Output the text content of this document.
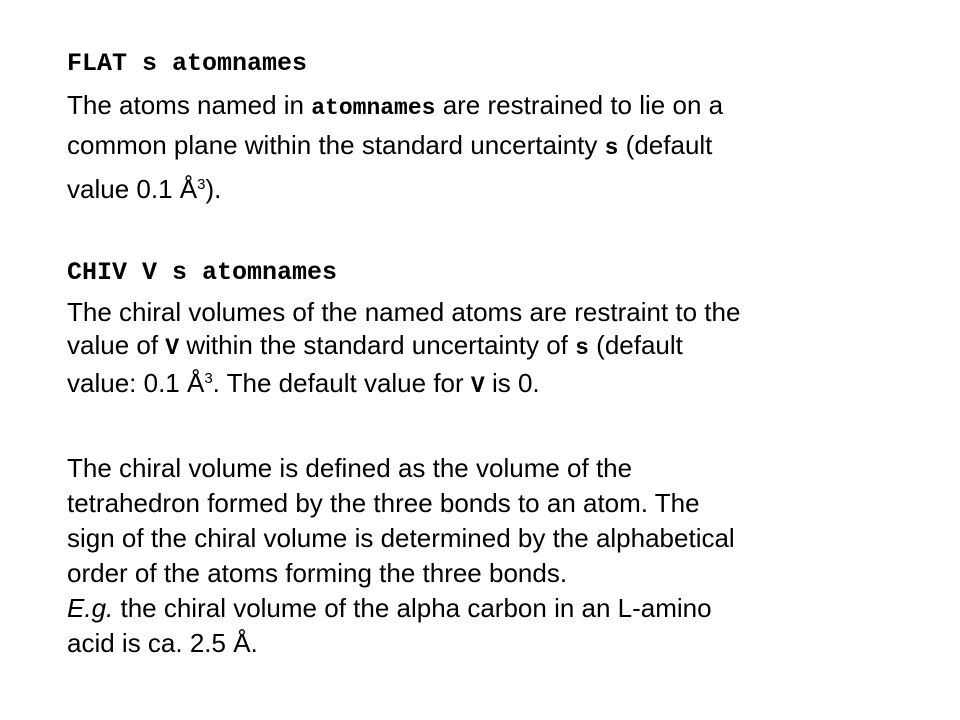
FLAT s atomnames
The atoms named in atomnames are restrained to lie on a
common plane within the standard uncertainty s (default
value 0.1 $Å^3$).
CHIV V s atomnames
The chiral volumes of the named atoms are restraint to the
value of V within the standard uncertainty of s (default
value: 0.1 $Å^3$. The default value for V is 0.
The chiral volume is defined as the volume of the
tetrahedron formed by the three bonds to an atom. The
sign of the chiral volume is determined by the alphabetical
order of the atoms forming the three bonds.
E.g. the chiral volume of the alpha carbon in an L-amino
acid is ca. 2.5 Å.
